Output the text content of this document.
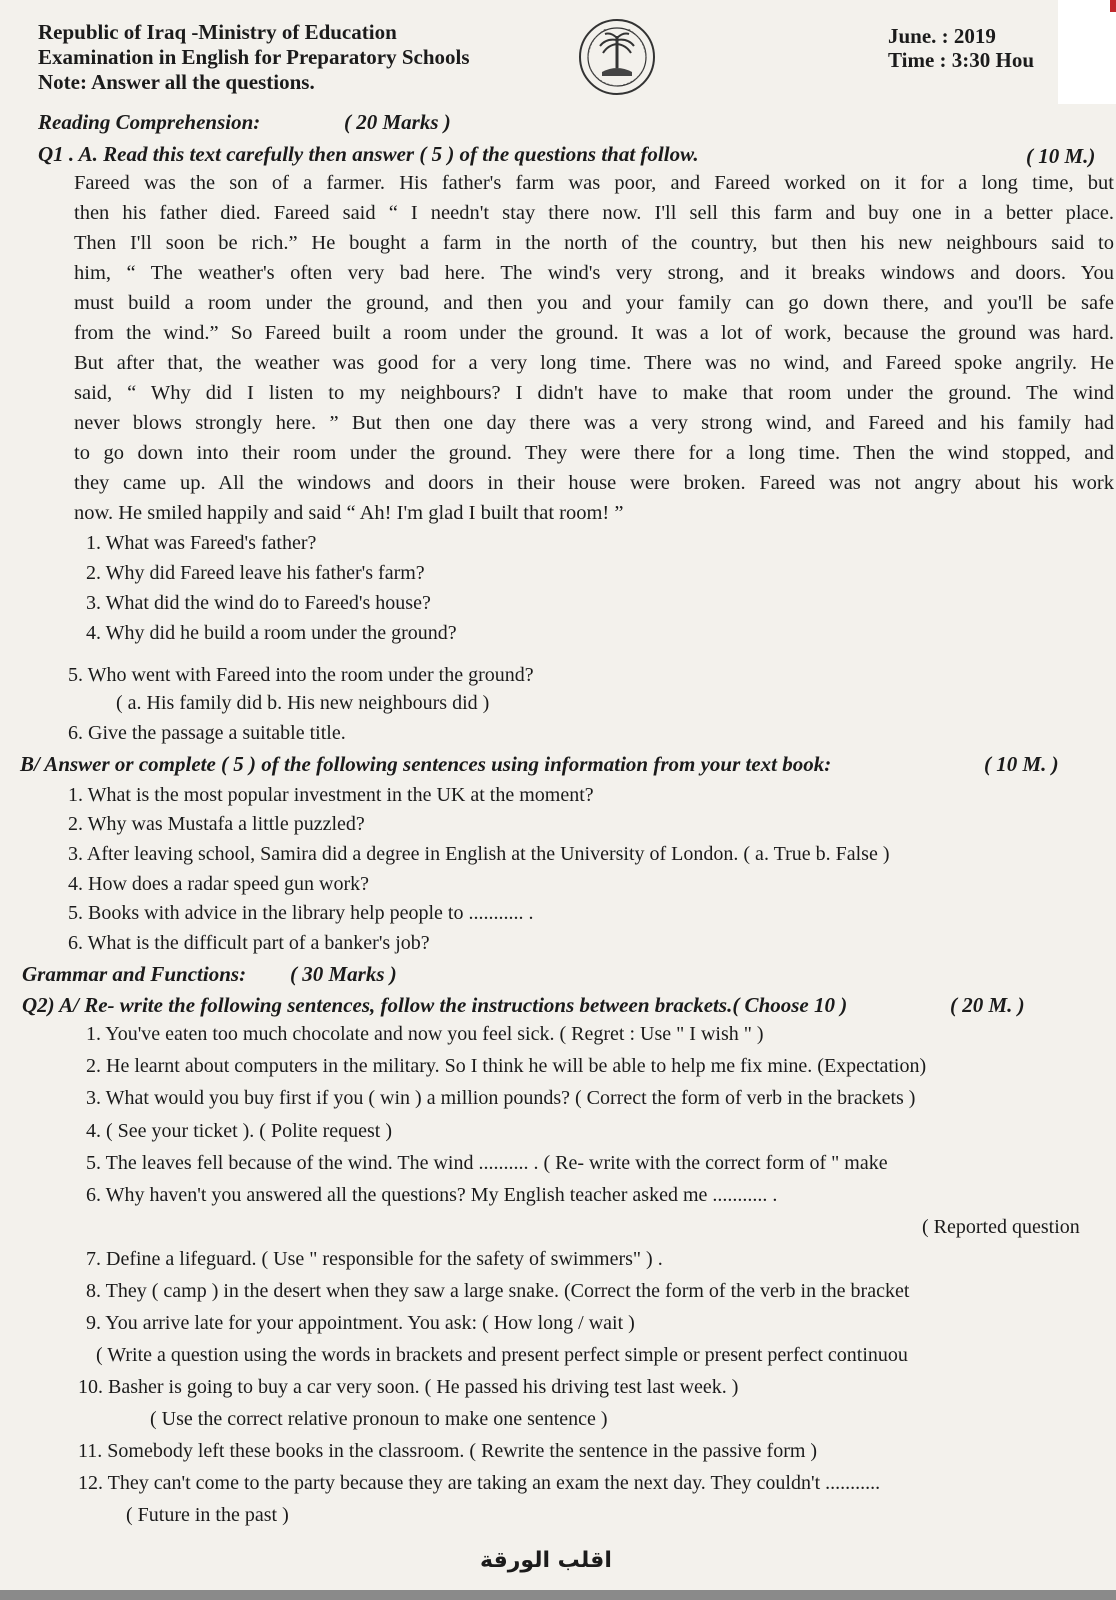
Republic of Iraq -Ministry of Education
Examination in English for Preparatory Schools
Note: Answer all the questions.
June. : 2019
Time : 3:30 Hou
Reading Comprehension:	( 20 Marks )
Q1 . A. Read this text carefully then answer ( 5 ) of the questions that follow.	( 10 M.)
Fareed was the son of a farmer. His father's farm was poor, and Fareed worked on it for a long time, but
then his father died. Fareed said “ I needn't stay there now. I'll sell this farm and buy one in a better place.
Then I'll soon be rich.” He bought a farm in the north of the country, but then his new neighbours said to
him, “ The weather's often very bad here. The wind's very strong, and it breaks windows and doors. You
must build a room under the ground, and then you and your family can go down there, and you'll be safe
from the wind.” So Fareed built a room under the ground. It was a lot of work, because the ground was hard.
But after that, the weather was good for a very long time. There was no wind, and Fareed spoke angrily. He
said, “ Why did I listen to my neighbours? I didn't have to make that room under the ground. The wind
never blows strongly here. ” But then one day there was a very strong wind, and Fareed and his family had
to go down into their room under the ground. They were there for a long time. Then the wind stopped, and
they came up. All the windows and doors in their house were broken. Fareed was not angry about his work
now. He smiled happily and said “ Ah! I'm glad I built that room! ”
1. What was Fareed's father?
2. Why did Fareed leave his father's farm?
3. What did the wind do to Fareed's house?
4. Why did he build a room under the ground?
5. Who went with Fareed into the room under the ground?
( a. His family did b. His new neighbours did )
6. Give the passage a suitable title.
B/ Answer or complete ( 5 ) of the following sentences using information from your text book:	( 10 M. )
1. What is the most popular investment in the UK at the moment?
2. Why was Mustafa a little puzzled?
3. After leaving school, Samira did a degree in English at the University of London. ( a. True b. False )
4. How does a radar speed gun work?
5. Books with advice in the library help people to ........... .
6. What is the difficult part of a banker's job?
Grammar and Functions: ( 30 Marks )
Q2) A/ Re- write the following sentences, follow the instructions between brackets.( Choose 10 )	( 20 M. )
1. You've eaten too much chocolate and now you feel sick. ( Regret : Use " I wish " )
2. He learnt about computers in the military. So I think he will be able to help me fix mine. (Expectation)
3. What would you buy first if you ( win ) a million pounds? ( Correct the form of verb in the brackets )
4. ( See your ticket ). ( Polite request )
5. The leaves fell because of the wind. The wind .......... . ( Re- write with the correct form of " make
6. Why haven't you answered all the questions? My English teacher asked me ........... .
( Reported question
7. Define a lifeguard. ( Use " responsible for the safety of swimmers" ) .
8. They ( camp ) in the desert when they saw a large snake. (Correct the form of the verb in the bracket
9. You arrive late for your appointment. You ask: ( How long / wait )
( Write a question using the words in brackets and present perfect simple or present perfect continuou
10. Basher is going to buy a car very soon. ( He passed his driving test last week. )
( Use the correct relative pronoun to make one sentence )
11. Somebody left these books in the classroom. ( Rewrite the sentence in the passive form )
12. They can't come to the party because they are taking an exam the next day. They couldn't ...........
( Future in the past )
اقلب الورقة
